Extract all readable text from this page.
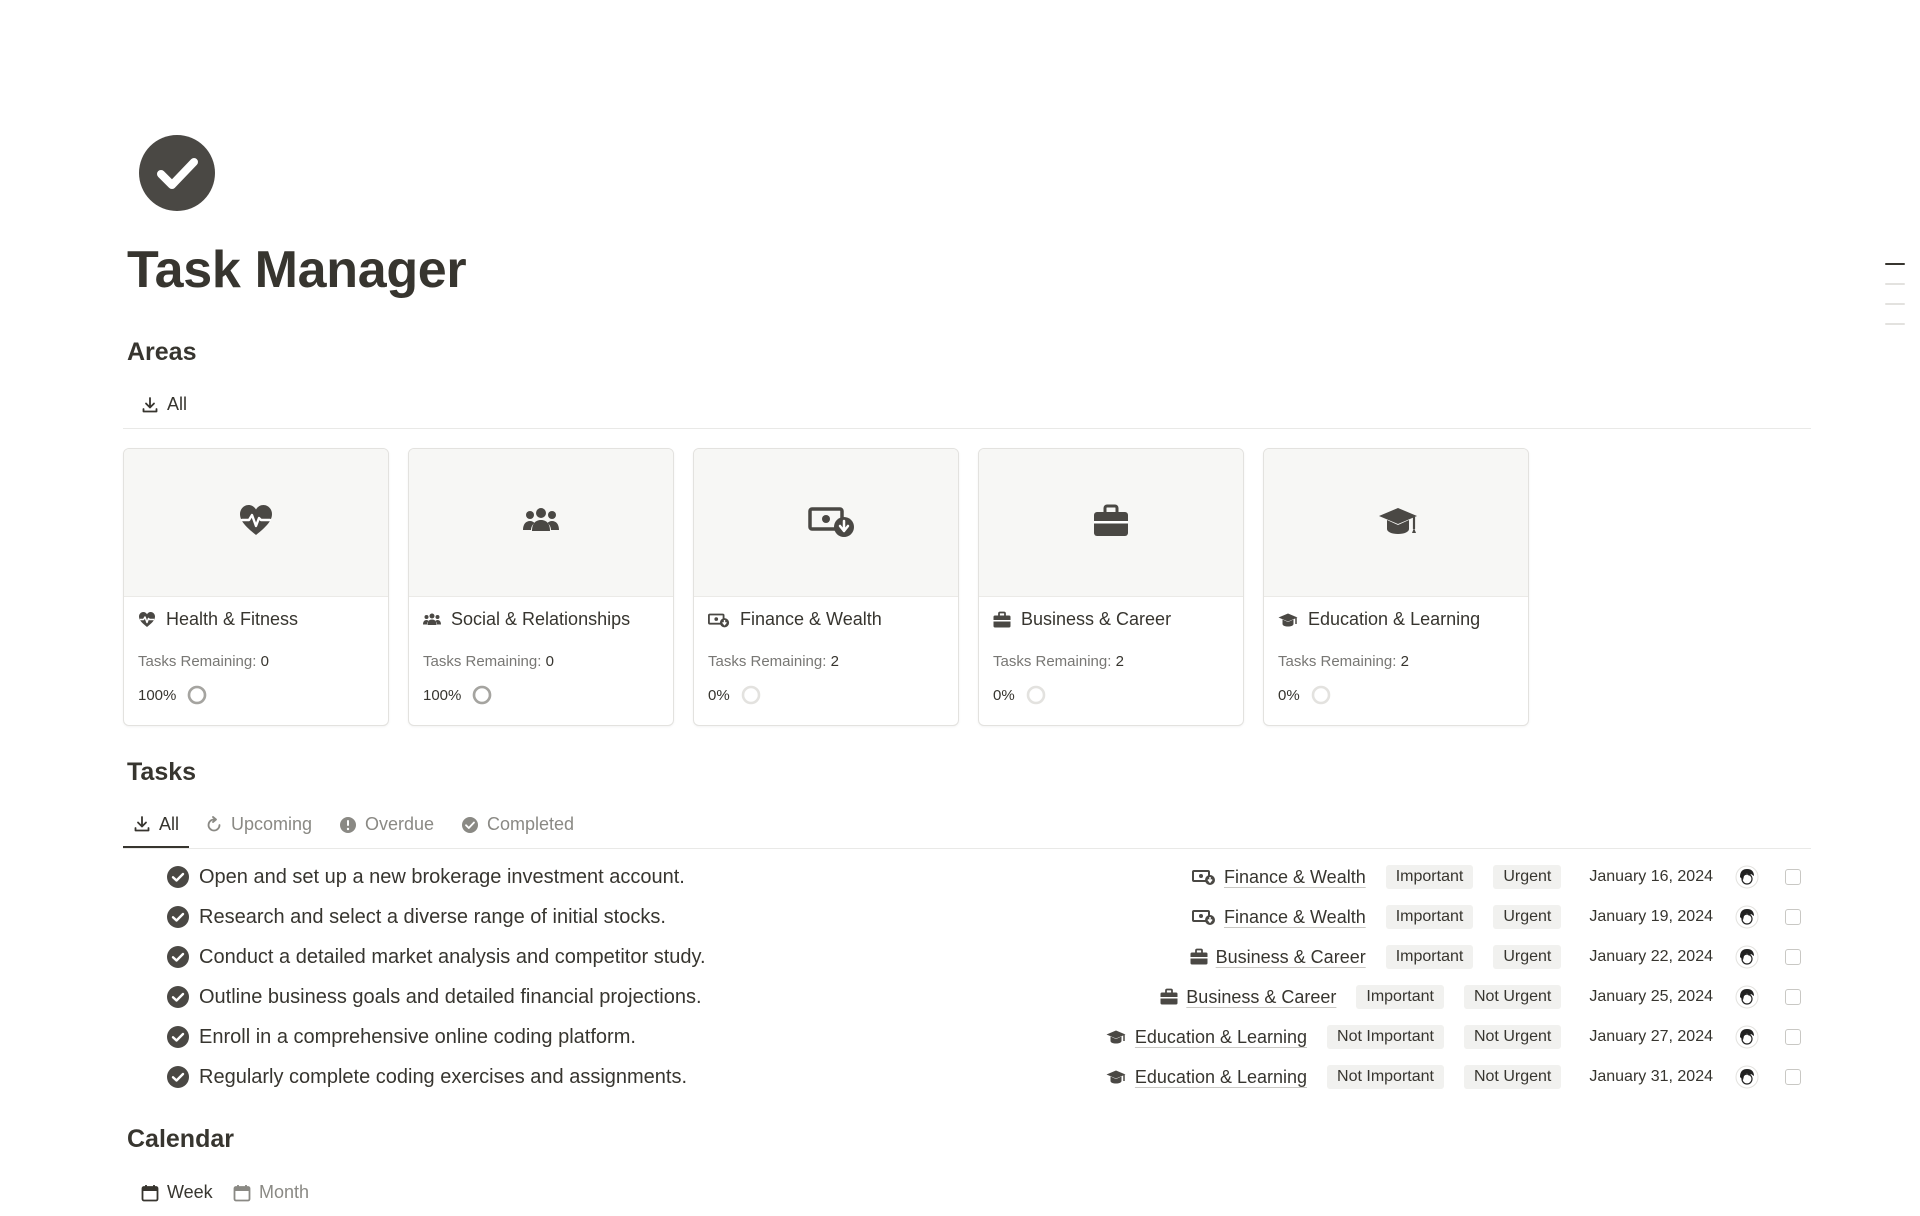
Task Manager
Areas
All
Health & Fitness
Tasks Remaining: 0
100%
Social & Relationships
Tasks Remaining: 0
100%
Finance & Wealth
Tasks Remaining: 2
0%
Business & Career
Tasks Remaining: 2
0%
Education & Learning
Tasks Remaining: 2
0%
Tasks
All	Upcoming	Overdue	Completed
Open and set up a new brokerage investment account.	Finance & Wealth	Important	Urgent	January 16, 2024
Research and select a diverse range of initial stocks.	Finance & Wealth	Important	Urgent	January 19, 2024
Conduct a detailed market analysis and competitor study.	Business & Career	Important	Urgent	January 22, 2024
Outline business goals and detailed financial projections.	Business & Career	Important	Not Urgent	January 25, 2024
Enroll in a comprehensive online coding platform.	Education & Learning	Not Important	Not Urgent	January 27, 2024
Regularly complete coding exercises and assignments.	Education & Learning	Not Important	Not Urgent	January 31, 2024
Calendar
Week	Month
